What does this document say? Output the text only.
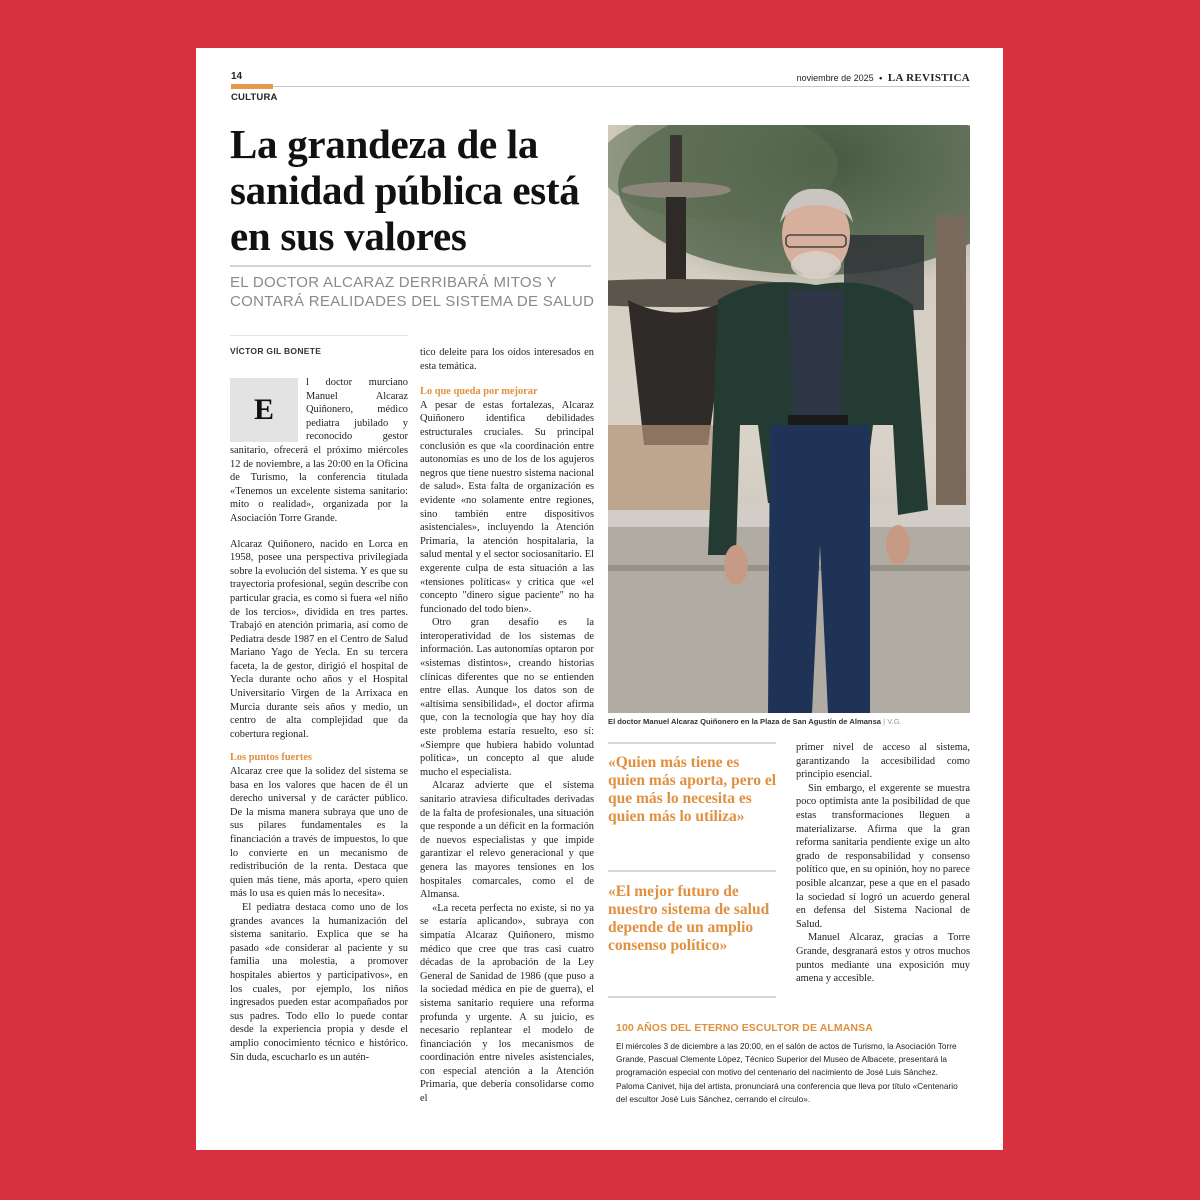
14
CULTURA
noviembre de 2025 • LA REVISTICA
La grandeza de la sanidad pública está en sus valores
EL DOCTOR ALCARAZ DERRIBARÁ MITOS Y CONTARÁ REALIDADES DEL SISTEMA DE SALUD
VÍCTOR GIL BONETE
E

l doctor murciano Manuel Alcaraz Quiñonero, médico pediatra jubilado y reconocido gestor sanitario, ofrecerá el próximo miércoles 12 de noviembre, a las 20:00 en la Oficina de Turismo, la conferencia titulada «Tenemos un excelente sistema sanitario: mito o realidad», organizada por la Asociación Torre Grande.

Alcaraz Quiñonero, nacido en Lorca en 1958, posee una perspectiva privilegiada sobre la evolución del sistema. Y es que su trayectoria profesional, según describe con particular gracia, es como si fuera «el niño de los tercios», dividida en tres partes. Trabajó en atención primaria, así como de Pediatra desde 1987 en el Centro de Salud Mariano Yago de Yecla. En su tercera faceta, la de gestor, dirigió el hospital de Yecla durante ocho años y el Hospital Universitario Virgen de la Arrixaca en Murcia durante seis años y medio, un centro de alta complejidad que da cobertura regional.

Los puntos fuertes

Alcaraz cree que la solidez del sistema se basa en los valores que hacen de él un derecho universal y de carácter público. De la misma manera subraya que uno de sus pilares fundamentales es la financiación a través de impuestos, lo que lo convierte en un mecanismo de redistribución de la renta. Destaca que quien más tiene, más aporta, «pero quien más lo usa es quien más lo necesita».

El pediatra destaca como uno de los grandes avances la humanización del sistema sanitario. Explica que se ha pasado «de considerar al paciente y su familia una molestia, a promover hospitales abiertos y participativos», en los cuales, por ejemplo, los niños ingresados pueden estar acompañados por sus padres. Todo ello lo puede contar desde la experiencia propia y desde el amplio conocimiento técnico e histórico. Sin duda, escucharlo es un autén-

tico deleite para los oídos interesados en esta temática.

Lo que queda por mejorar

A pesar de estas fortalezas, Alcaraz Quiñonero identifica debilidades estructurales cruciales. Su principal conclusión es que «la coordinación entre autonomías es uno de los de los agujeros negros que tiene nuestro sistema nacional de salud». Esta falta de organización es evidente «no solamente entre regiones, sino también entre dispositivos asistenciales», incluyendo la Atención Primaria, la atención hospitalaria, la salud mental y el sector sociosanitario. El exgerente culpa de esta situación a las «tensiones políticas« y critica que «el concepto "dinero sigue paciente" no ha funcionado del todo bien».

Otro gran desafío es la interoperatividad de los sistemas de información. Las autonomías optaron por «sistemas distintos», creando historias clínicas diferentes que no se entienden entre ellas. Aunque los datos son de «altísima sensibilidad», el doctor afirma que, con la tecnología que hay hoy día este problema estaría resuelto, eso sí: «Siempre que hubiera habido voluntad política», un concepto al que alude mucho el especialista.

Alcaraz advierte que el sistema sanitario atraviesa dificultades derivadas de la falta de profesionales, una situación que responde a un déficit en la formación de nuevos especialistas y que impide garantizar el relevo generacional y que genera las mayores tensiones en los hospitales comarcales, como el de Almansa.

«La receta perfecta no existe, si no ya se estaría aplicando», subraya con simpatía Alcaraz Quiñonero, mismo médico que cree que tras casi cuatro décadas de la aprobación de la Ley General de Sanidad de 1986 (que puso a la sociedad médica en pie de guerra), el sistema sanitario requiere una reforma profunda y urgente. A su juicio, es necesario replantear el modelo de financiación y los mecanismos de coordinación entre niveles asistenciales, con especial atención a la Atención Primaria, que debería consolidarse como el

El doctor Manuel Alcaraz Quiñonero en la Plaza de San Agustín de Almansa | V.G.
«Quien más tiene es quien más aporta, pero el que más lo necesita es quien más lo utiliza»
«El mejor futuro de nuestro sistema de salud depende de un amplio consenso político»

primer nivel de acceso al sistema, garantizando la accesibilidad como principio esencial.

Sin embargo, el exgerente se muestra poco optimista ante la posibilidad de que estas transformaciones lleguen a materializarse. Afirma que la gran reforma sanitaria pendiente exige un alto grado de responsabilidad y consenso político que, en su opinión, hoy no parece posible alcanzar, pese a que en el pasado la sociedad sí logró un acuerdo general en defensa del Sistema Nacional de Salud.

Manuel Alcaraz, gracias a Torre Grande, desgranará estos y otros muchos puntos mediante una exposición muy amena y accesible.

100 AÑOS DEL ETERNO ESCULTOR DE ALMANSA
El miércoles 3 de diciembre a las 20:00, en el salón de actos de Turismo, la Asociación Torre Grande, Pascual Clemente López, Técnico Superior del Museo de Albacete, presentará la programación especial con motivo del centenario del nacimiento de José Luis Sánchez. Paloma Canivet, hija del artista, pronunciará una conferencia que lleva por título «Centenario del escultor José Luis Sánchez, cerrando el círculo».
